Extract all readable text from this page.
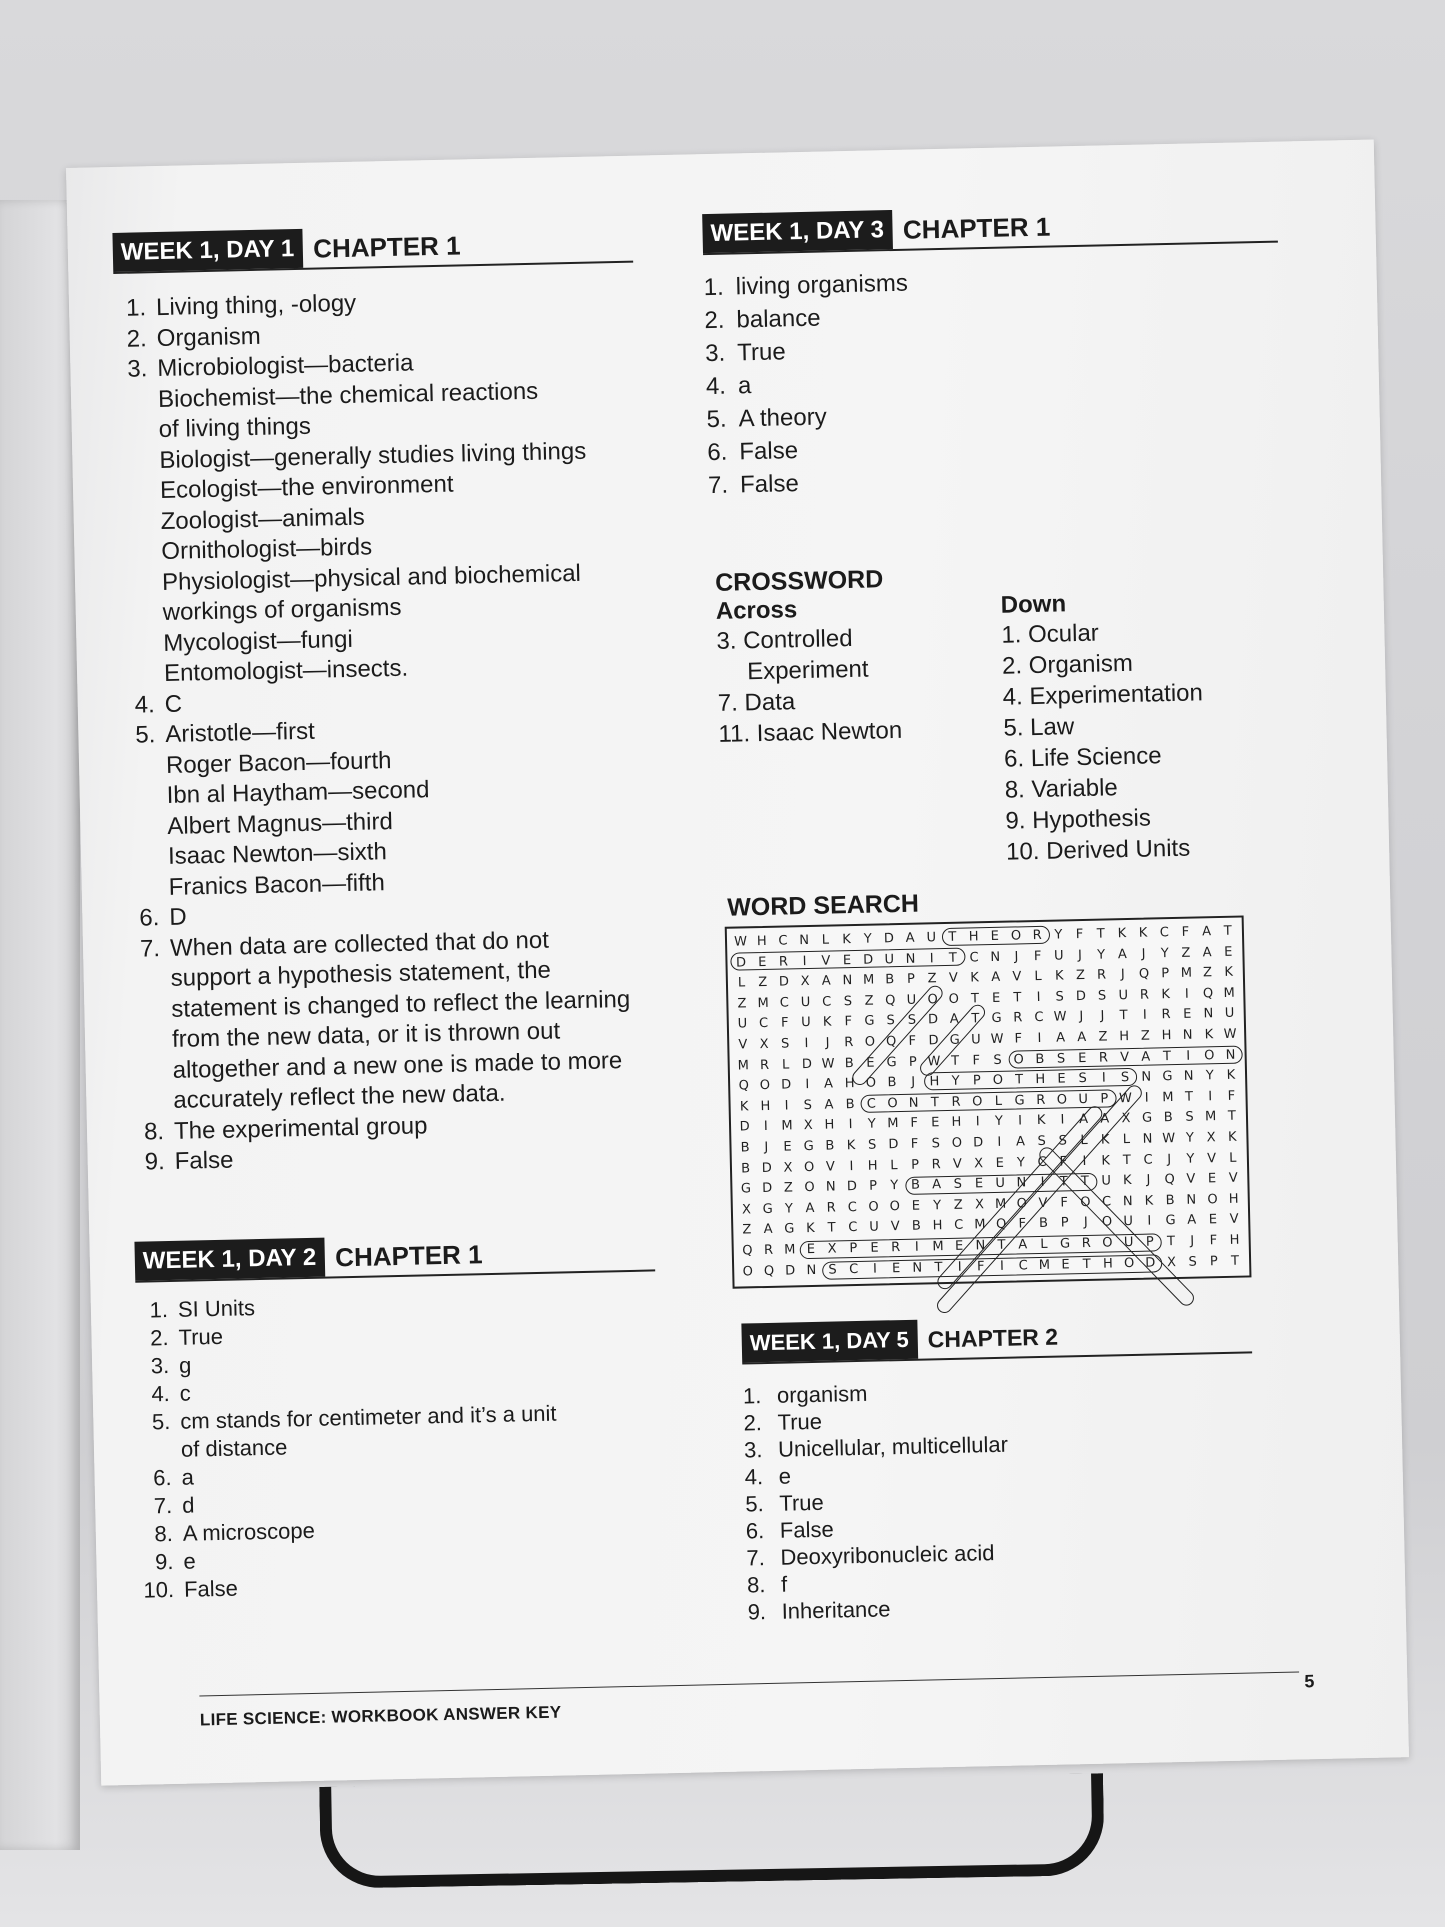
WEEK 1, DAY 1 CHAPTER 1
1. Living thing, -ology
2. Organism
3. Microbiologist—bacteria
Biochemist—the chemical reactions
of living things
Biologist—generally studies living things
Ecologist—the environment
Zoologist—animals
Ornithologist—birds
Physiologist—physical and biochemical
workings of organisms
Mycologist—fungi
Entomologist—insects.
4. C
5. Aristotle—first
Roger Bacon—fourth
Ibn al Haytham—second
Albert Magnus—third
Isaac Newton—sixth
Franics Bacon—fifth
6. D
7. When data are collected that do not
support a hypothesis statement, the
statement is changed to reflect the learning
from the new data, or it is thrown out
altogether and a new one is made to more
accurately reflect the new data.
8. The experimental group
9. False
WEEK 1, DAY 2 CHAPTER 1
1. SI Units
2. True
3. g
4. c
5. cm stands for centimeter and it’s a unit
of distance
6. a
7. d
8. A microscope
9. e
10. False
WEEK 1, DAY 3 CHAPTER 1
1. living organisms
2. balance
3. True
4. a
5. A theory
6. False
7. False
CROSSWORD
Across
3. Controlled
Experiment
7. Data
11. Isaac Newton
Down
1. Ocular
2. Organism
4. Experimentation
5. Law
6. Life Science
8. Variable
9. Hypothesis
10. Derived Units
WORD SEARCH
W H C N L K Y D A U T H E O R Y	F	T K K C F A T
D E R	I	V E D U N	I	T C N	J	F U	J	Y A	J	Y Z A E
L Z D X A N M B P Z V K A V L K Z R	J	Q P M Z K
Z M C U C S Z Q U O O T E T	I	S D S U R K	I	Q M
U C F U K F G S S D A T G R C W J	J	T	I	R E N U
V X S	I	J	R O Q F D G U W F	I	A A Z H Z H N K W
M R L D W B E G P W T	F S O B S E R V A T	I	O N
Q O D	I	A H O B	J	H Y P O T H E S	I	S N G N Y K
K H	I	S A B C O N T R O L G R O U P W I	M T	I	F
D	I	M X H	I	Y M F	E H	I	Y	I	K	I	A A X G B S M T
B	J	E G B K S D F S O D	I	A S S	L K L N W Y X K
B D X O V	I	H L	P R V X E Y C F	I	K T C	J	Y V L
G D Z O N D P Y B A S E U N	I	T T U K	J	Q V E V
X G Y A R C O O E Y Z X M O V F O C N K B N O H
Z A G K T C U V B H C M Q F B P	J	O U	I	G A E V
Q R M E X P E R	I	M E N T A L G R O U P T	J	F H
O Q D N S C	I	E N T	I	F	I	C M E T H O D X S P T
WEEK 1, DAY 5 CHAPTER 2
1. organism
2. True
3. Unicellular, multicellular
4. e
5. True
6. False
7. Deoxyribonucleic acid
8. f
9. Inheritance
LIFE SCIENCE: WORKBOOK ANSWER KEY
5
